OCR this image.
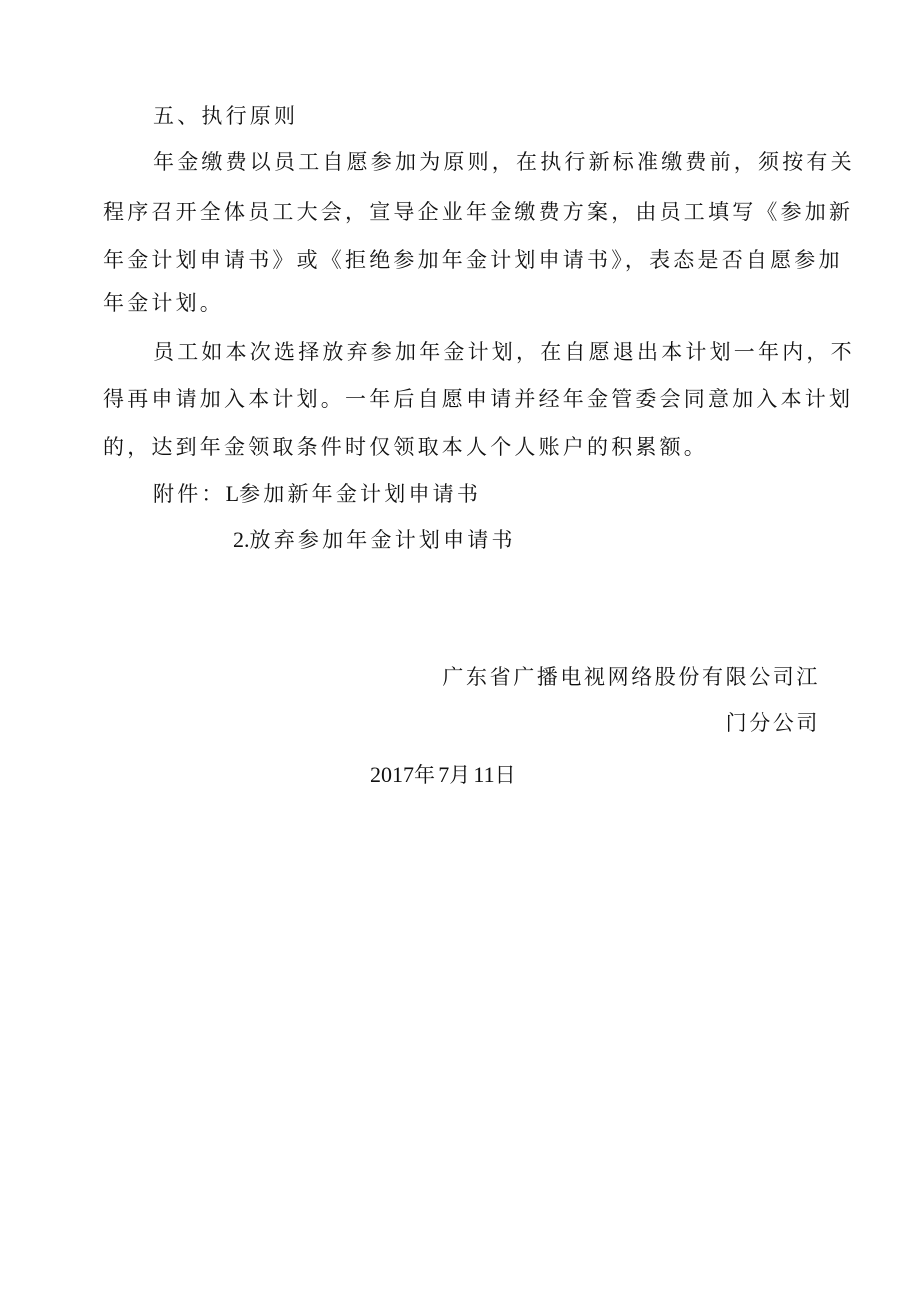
五、执行原则
年金缴费以员工自愿参加为原则，在执行新标准缴费前，须按有关
程序召开全体员工大会，宣导企业年金缴费方案，由员工填写《参加新
年金计划申请书》或《拒绝参加年金计划申请书》，表态是否自愿参加
年金计划。
员工如本次选择放弃参加年金计划，在自愿退出本计划一年内，不
得再申请加入本计划。一年后自愿申请并经年金管委会同意加入本计划
的，达到年金领取条件时仅领取本人个人账户的积累额。
附件：L参加新年金计划申请书
2.放弃参加年金计划申请书
广东省广播电视网络股份有限公司江
门分公司
2017年7月11日
